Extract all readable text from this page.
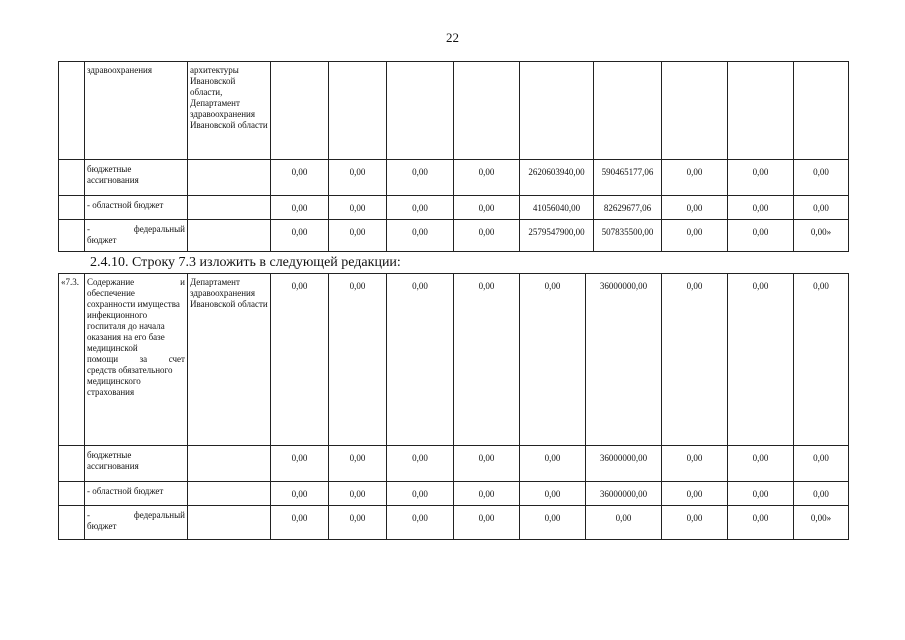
22
	здравоохранения	архитектуры Ивановской области, Департамент здравоохранения Ивановской области									
	бюджетные ассигнования		0,00	0,00	0,00	0,00	2620603940,00	590465177,06	0,00	0,00	0,00
	- областной бюджет		0,00	0,00	0,00	0,00	41056040,00	82629677,06	0,00	0,00	0,00

	- федеральный
бюджет		0,00	0,00	0,00	0,00	2579547900,00	507835500,00	0,00	0,00	0,00»
2.4.10. Строку 7.3 изложить в следующей редакции:
«7.3.	Содержание и
обеспечение сохранности имущества инфекционного госпиталя до начала оказания на его базе медицинской
помощи за счет
средств обязательного медицинского страхования	Департамент здравоохранения Ивановской области	0,00	0,00	0,00	0,00	0,00	36000000,00	0,00	0,00	0,00
	бюджетные ассигнования		0,00	0,00	0,00	0,00	0,00	36000000,00	0,00	0,00	0,00
	- областной бюджет		0,00	0,00	0,00	0,00	0,00	36000000,00	0,00	0,00	0,00

	- федеральный
бюджет		0,00	0,00	0,00	0,00	0,00	0,00	0,00	0,00	0,00»
